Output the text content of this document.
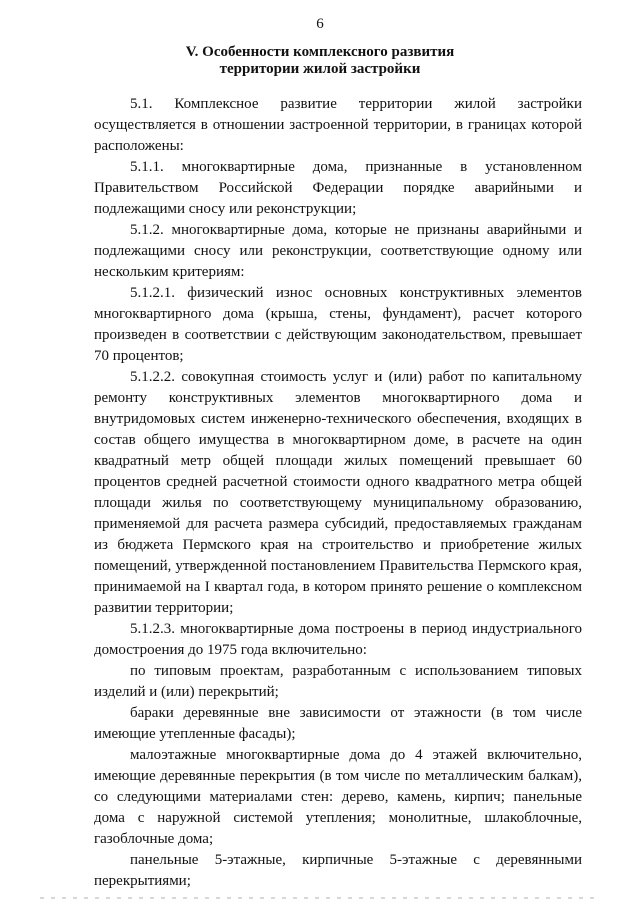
6
V. Особенности комплексного развития
территории жилой застройки

5.1. Комплексное развитие территории жилой застройки осуществляется в отношении застроенной территории, в границах которой расположены:

5.1.1. многоквартирные дома, признанные в установленном Правительством Российской Федерации порядке аварийными и подлежащими сносу или реконструкции;

5.1.2. многоквартирные дома, которые не признаны аварийными и подлежащими сносу или реконструкции, соответствующие одному или нескольким критериям:

5.1.2.1. физический износ основных конструктивных элементов многоквартирного дома (крыша, стены, фундамент), расчет которого произведен в соответствии с действующим законодательством, превышает 70 процентов;

5.1.2.2. совокупная стоимость услуг и (или) работ по капитальному ремонту конструктивных элементов многоквартирного дома и внутридомовых систем инженерно-технического обеспечения, входящих в состав общего имущества в многоквартирном доме, в расчете на один квадратный метр общей площади жилых помещений превышает 60 процентов средней расчетной стоимости одного квадратного метра общей площади жилья по соответствующему муниципальному образованию, применяемой для расчета размера субсидий, предоставляемых гражданам из бюджета Пермского края на строительство и приобретение жилых помещений, утвержденной постановлением Правительства Пермского края, принимаемой на I квартал года, в котором принято решение о комплексном развитии территории;

5.1.2.3. многоквартирные дома построены в период индустриального домостроения до 1975 года включительно:

по типовым проектам, разработанным с использованием типовых изделий и (или) перекрытий;

бараки деревянные вне зависимости от этажности (в том числе имеющие утепленные фасады);

малоэтажные многоквартирные дома до 4 этажей включительно, имеющие деревянные перекрытия (в том числе по металлическим балкам), со следующими материалами стен: дерево, камень, кирпич; панельные дома с наружной системой утепления; монолитные, шлакоблочные, газоблочные дома;

панельные 5-этажные, кирпичные 5-этажные с деревянными перекрытиями;
